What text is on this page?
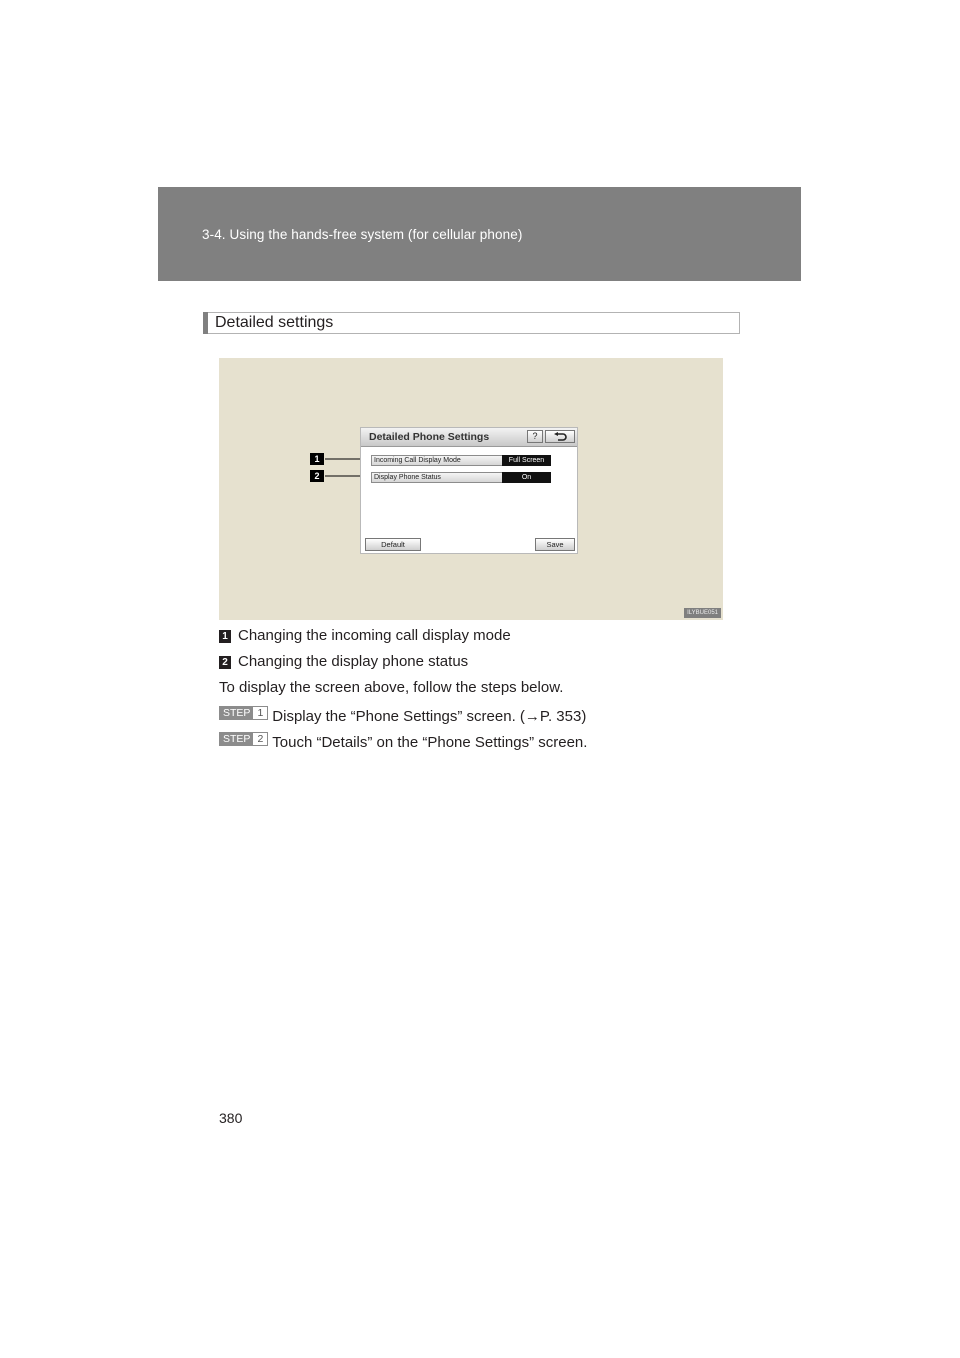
3-4. Using the hands-free system (for cellular phone)
Detailed settings
1
2
Detailed Phone Settings	?
Incoming Call Display Mode	Full Screen
Display Phone Status	On
Default	Save
ILYBUE051
1 Changing the incoming call display mode
2 Changing the display phone status
To display the screen above, follow the steps below.
STEP 1 Display the “Phone Settings” screen. (→P. 353)
STEP 2 Touch “Details” on the “Phone Settings” screen.
380
